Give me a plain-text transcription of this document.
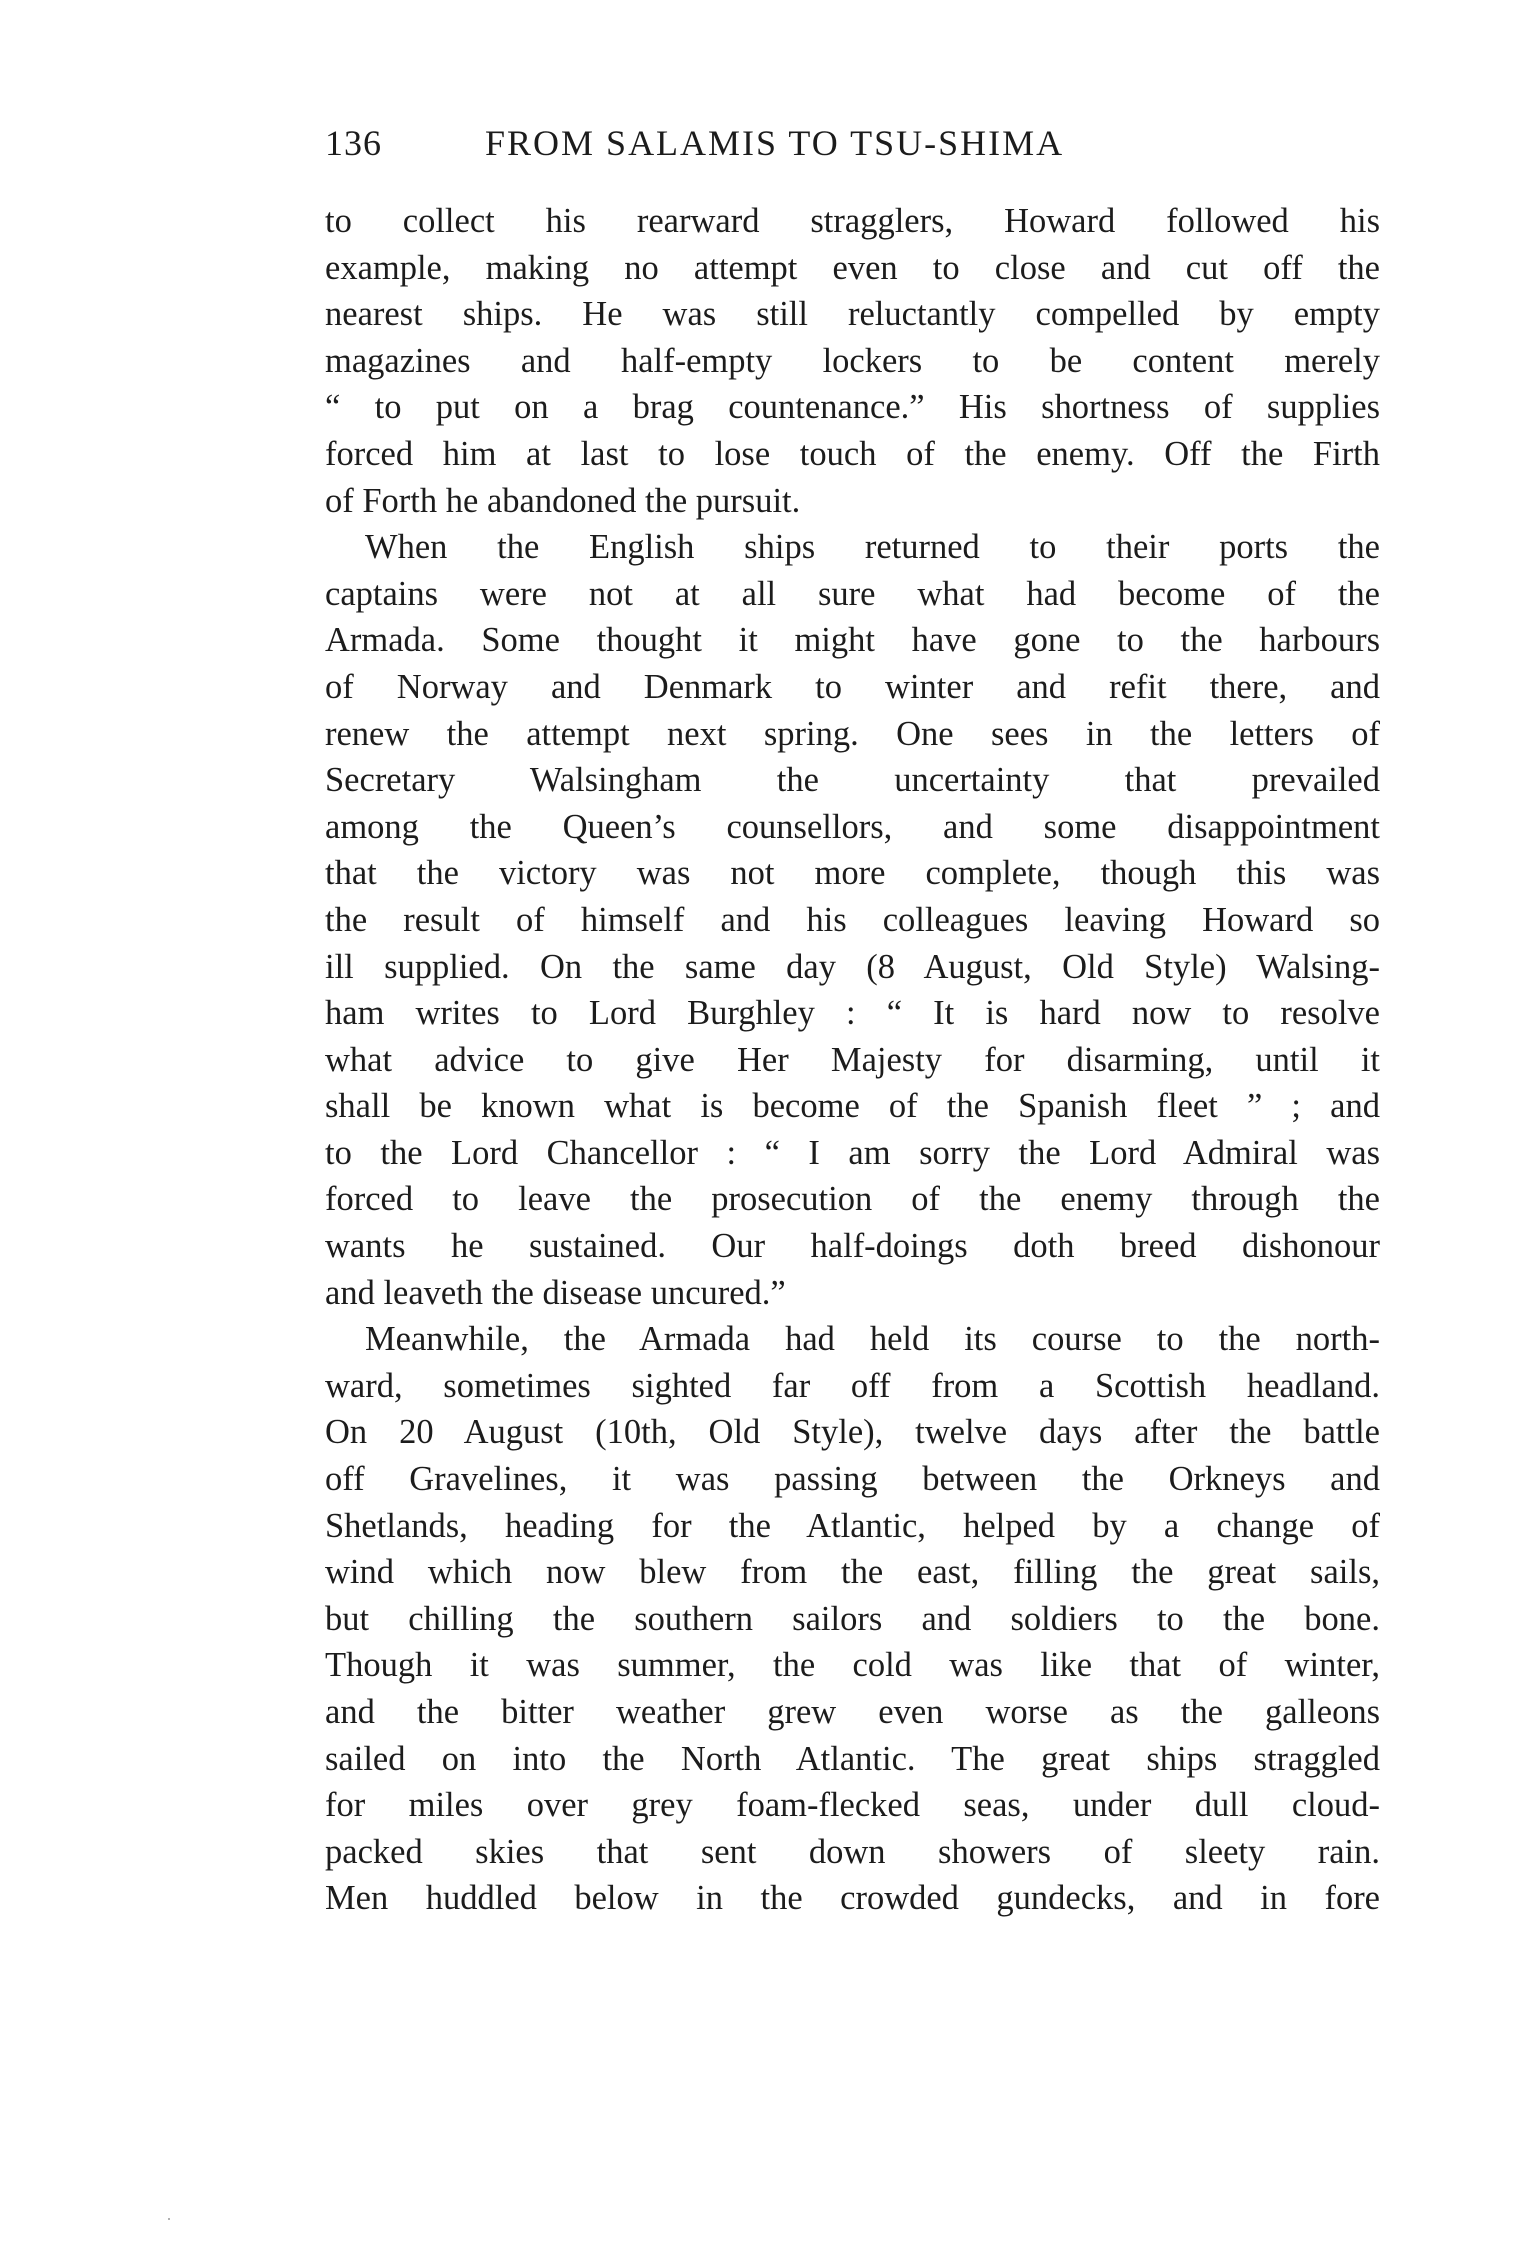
136	FROM SALAMIS TO TSU-SHIMA
to collect his rearward stragglers, Howard followed his
example, making no attempt even to close and cut off the
nearest ships. He was still reluctantly compelled by empty
magazines and half-empty lockers to be content merely
“ to put on a brag countenance.” His shortness of supplies
forced him at last to lose touch of the enemy. Off the Firth
of Forth he abandoned the pursuit.
When the English ships returned to their ports the
captains were not at all sure what had become of the
Armada. Some thought it might have gone to the harbours
of Norway and Denmark to winter and refit there, and
renew the attempt next spring. One sees in the letters of
Secretary Walsingham the uncertainty that prevailed
among the Queen’s counsellors, and some disappointment
that the victory was not more complete, though this was
the result of himself and his colleagues leaving Howard so
ill supplied. On the same day (8 August, Old Style) Walsing-
ham writes to Lord Burghley : “ It is hard now to resolve
what advice to give Her Majesty for disarming, until it
shall be known what is become of the Spanish fleet ” ; and
to the Lord Chancellor : “ I am sorry the Lord Admiral was
forced to leave the prosecution of the enemy through the
wants he sustained. Our half-doings doth breed dishonour
and leaveth the disease uncured.”
Meanwhile, the Armada had held its course to the north-
ward, sometimes sighted far off from a Scottish headland.
On 20 August (10th, Old Style), twelve days after the battle
off Gravelines, it was passing between the Orkneys and
Shetlands, heading for the Atlantic, helped by a change of
wind which now blew from the east, filling the great sails,
but chilling the southern sailors and soldiers to the bone.
Though it was summer, the cold was like that of winter,
and the bitter weather grew even worse as the galleons
sailed on into the North Atlantic. The great ships straggled
for miles over grey foam-flecked seas, under dull cloud-
packed skies that sent down showers of sleety rain.
Men huddled below in the crowded gundecks, and in fore
